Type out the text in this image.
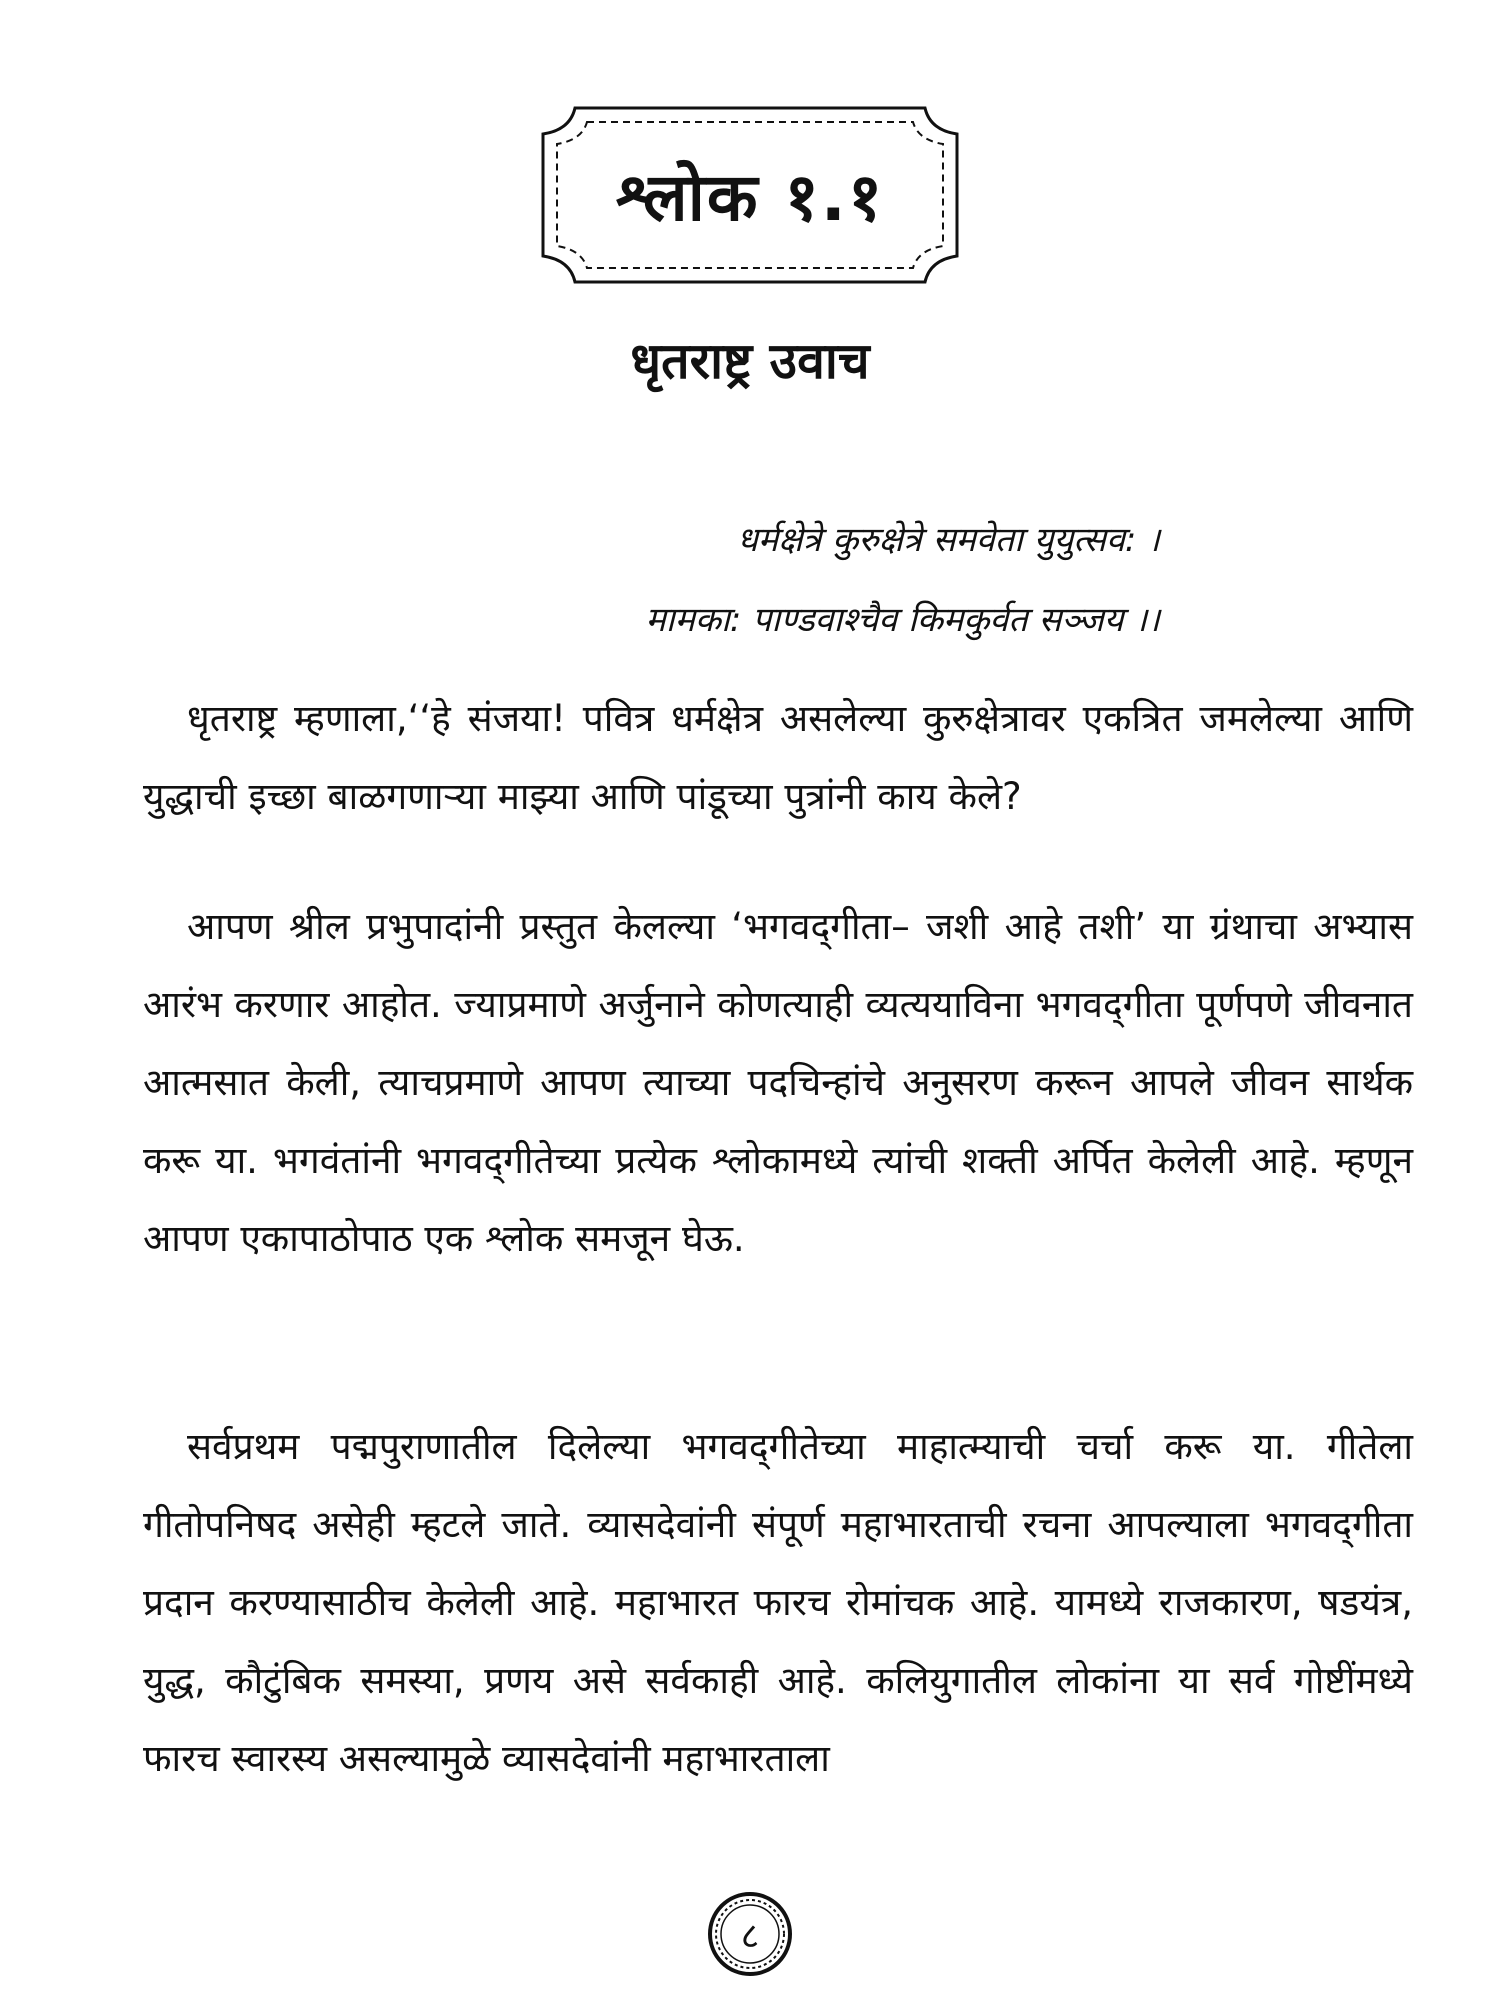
श्लोक १.१
धृतराष्ट्र उवाच
धर्मक्षेत्रे कुरुक्षेत्रे समवेता युयुत्सव: ।
मामका: पाण्डवाश्चैव किमकुर्वत सञ्जय ।।
धृतराष्ट्र म्हणाला,‘‘हे संजया! पवित्र धर्मक्षेत्र असलेल्या कुरुक्षेत्रावर एकत्रित जमलेल्या आणि युद्धाची इच्छा बाळगणाऱ्या माझ्या आणि पांडूच्या पुत्रांनी काय केले?
आपण श्रील प्रभुपादांनी प्रस्तुत केलल्या ‘भगवद्‌गीता– जशी आहे तशी’ या ग्रंथाचा अभ्यास आरंभ करणार आहोत. ज्याप्रमाणे अर्जुनाने कोणत्याही व्यत्ययाविना भगवद्‌गीता पूर्णपणे जीवनात आत्मसात केली, त्याचप्रमाणे आपण त्याच्या पदचिन्हांचे अनुसरण करून आपले जीवन सार्थक करू या. भगवंतांनी भगवद्‌गीतेच्या प्रत्येक श्लोकामध्ये त्यांची शक्ती अर्पित केलेली आहे. म्हणून आपण एकापाठोपाठ एक श्लोक समजून घेऊ.
सर्वप्रथम पद्मपुराणातील दिलेल्या भगवद्‌गीतेच्या माहात्म्याची चर्चा करू या. गीतेला गीतोपनिषद असेही म्हटले जाते. व्यासदेवांनी संपूर्ण महाभारताची रचना आपल्याला भगवद्‌गीता प्रदान करण्यासाठीच केलेली आहे. महाभारत फारच रोमांचक आहे. यामध्ये राजकारण, षडयंत्र, युद्ध, कौटुंबिक समस्या, प्रणय असे सर्वकाही आहे. कलियुगातील लोकांना या सर्व गोष्टींमध्ये फारच स्वारस्य असल्यामुळे व्यासदेवांनी महाभारताला
८
